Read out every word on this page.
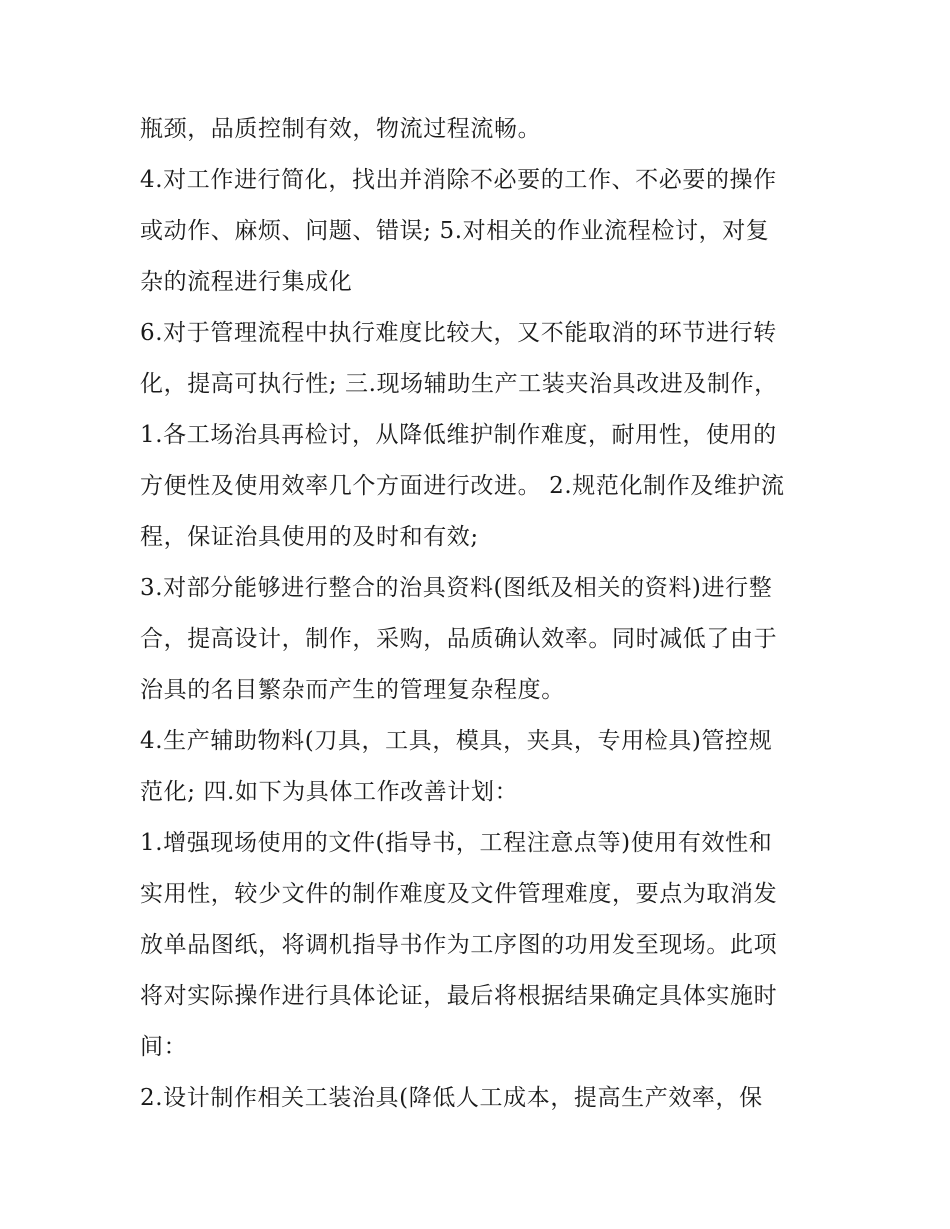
瓶颈，品质控制有效，物流过程流畅。
4.对工作进行简化，找出并消除不必要的工作、不必要的操作
或动作、麻烦、问题、错误; 5.对相关的作业流程检讨，对复
杂的流程进行集成化
6.对于管理流程中执行难度比较大，又不能取消的环节进行转
化，提高可执行性; 三.现场辅助生产工装夹治具改进及制作，
1.各工场治具再检讨，从降低维护制作难度，耐用性，使用的
方便性及使用效率几个方面进行改进。 2.规范化制作及维护流
程，保证治具使用的及时和有效;
3.对部分能够进行整合的治具资料(图纸及相关的资料)进行整
合，提高设计，制作，采购，品质确认效率。同时减低了由于
治具的名目繁杂而产生的管理复杂程度。
4.生产辅助物料(刀具，工具，模具，夹具，专用检具)管控规
范化; 四.如下为具体工作改善计划：
1.增强现场使用的文件(指导书，工程注意点等)使用有效性和
实用性，较少文件的制作难度及文件管理难度，要点为取消发
放单品图纸，将调机指导书作为工序图的功用发至现场。此项
将对实际操作进行具体论证，最后将根据结果确定具体实施时
间：
2.设计制作相关工装治具(降低人工成本，提高生产效率，保
